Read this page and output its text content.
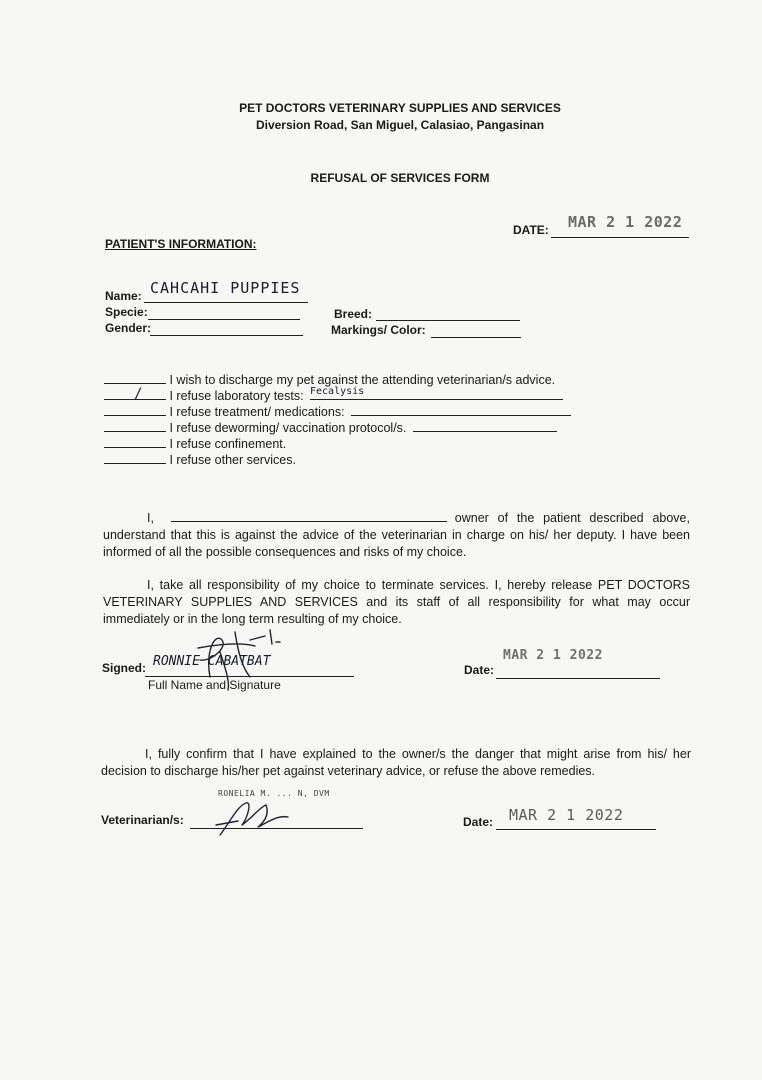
PET DOCTORS VETERINARY SUPPLIES AND SERVICES
Diversion Road, San Miguel, Calasiao, Pangasinan
REFUSAL OF SERVICES FORM
DATE: MAR 2 1 2022
PATIENT'S INFORMATION:
Name: CAHCAHI PUPPIES
Specie:	Breed:
Gender:	Markings/ Color:
I wish to discharge my pet against the attending veterinarian/s advice.
I refuse laboratory tests:
/	Fecalysis
I refuse treatment/ medications:
I refuse deworming/ vaccination protocol/s.
I refuse confinement.
I refuse other services.
I,	owner of the patient described above, understand that this is against the advice of the veterinarian in charge on his/ her deputy. I have been informed of all the possible consequences and risks of my choice.
I, take all responsibility of my choice to terminate services. I, hereby release PET DOCTORS VETERINARY SUPPLIES AND SERVICES and its staff of all responsibility for what may occur immediately or in the long term resulting of my choice.
Signed: RONNIE CABATBAT
Full Name and Signature
Date:
MAR 2 1 2022
I, fully confirm that I have explained to the owner/s the danger that might arise from his/ her decision to discharge his/her pet against veterinary advice, or refuse the above remedies.
Veterinarian/s:
RONELIA M. ... N, DVM
Date: MAR 2 1 2022
